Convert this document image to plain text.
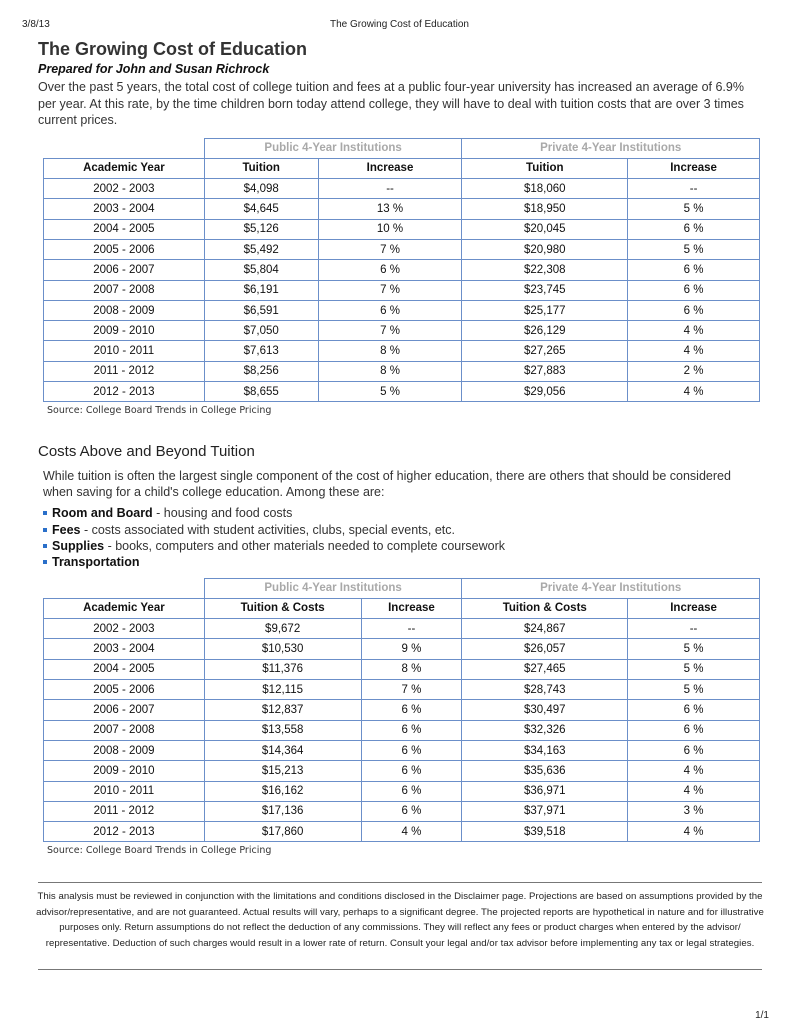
3/8/13	The Growing Cost of Education
The Growing Cost of Education
Prepared for John and Susan Richrock

Over the past 5 years, the total cost of college tuition and fees at a public four-year university has increased an average of 6.9% per year. At this rate, by the time children born today attend college, they will have to deal with tuition costs that are over 3 times current prices.

	Public 4-Year Institutions		Private 4-Year Institutions	
Academic Year	Tuition	Increase	Tuition	Increase
2002 - 2003	$4,098	--	$18,060	--
2003 - 2004	$4,645	13 %	$18,950	5 %
2004 - 2005	$5,126	10 %	$20,045	6 %
2005 - 2006	$5,492	7 %	$20,980	5 %
2006 - 2007	$5,804	6 %	$22,308	6 %
2007 - 2008	$6,191	7 %	$23,745	6 %
2008 - 2009	$6,591	6 %	$25,177	6 %
2009 - 2010	$7,050	7 %	$26,129	4 %
2010 - 2011	$7,613	8 %	$27,265	4 %
2011 - 2012	$8,256	8 %	$27,883	2 %
2012 - 2013	$8,655	5 %	$29,056	4 %
Source: College Board Trends in College Pricing
Costs Above and Beyond Tuition

While tuition is often the largest single component of the cost of higher education, there are others that should be considered when saving for a child's college education. Among these are:

Room and Board - housing and food costs
Fees - costs associated with student activities, clubs, special events, etc.
Supplies - books, computers and other materials needed to complete coursework
Transportation
	Public 4-Year Institutions		Private 4-Year Institutions	
Academic Year	Tuition & Costs	Increase	Tuition & Costs	Increase
2002 - 2003	$9,672	--	$24,867	--
2003 - 2004	$10,530	9 %	$26,057	5 %
2004 - 2005	$11,376	8 %	$27,465	5 %
2005 - 2006	$12,115	7 %	$28,743	5 %
2006 - 2007	$12,837	6 %	$30,497	6 %
2007 - 2008	$13,558	6 %	$32,326	6 %
2008 - 2009	$14,364	6 %	$34,163	6 %
2009 - 2010	$15,213	6 %	$35,636	4 %
2010 - 2011	$16,162	6 %	$36,971	4 %
2011 - 2012	$17,136	6 %	$37,971	3 %
2012 - 2013	$17,860	4 %	$39,518	4 %
Source: College Board Trends in College Pricing

This analysis must be reviewed in conjunction with the limitations and conditions disclosed in the Disclaimer page. Projections are based on assumptions provided by the advisor/representative, and are not guaranteed. Actual results will vary, perhaps to a significant degree. The projected reports are hypothetical in nature and for illustrative purposes only. Return assumptions do not reflect the deduction of any commissions. They will reflect any fees or product charges when entered by the advisor/ representative. Deduction of such charges would result in a lower rate of return. Consult your legal and/or tax advisor before implementing any tax or legal strategies.

1/1
